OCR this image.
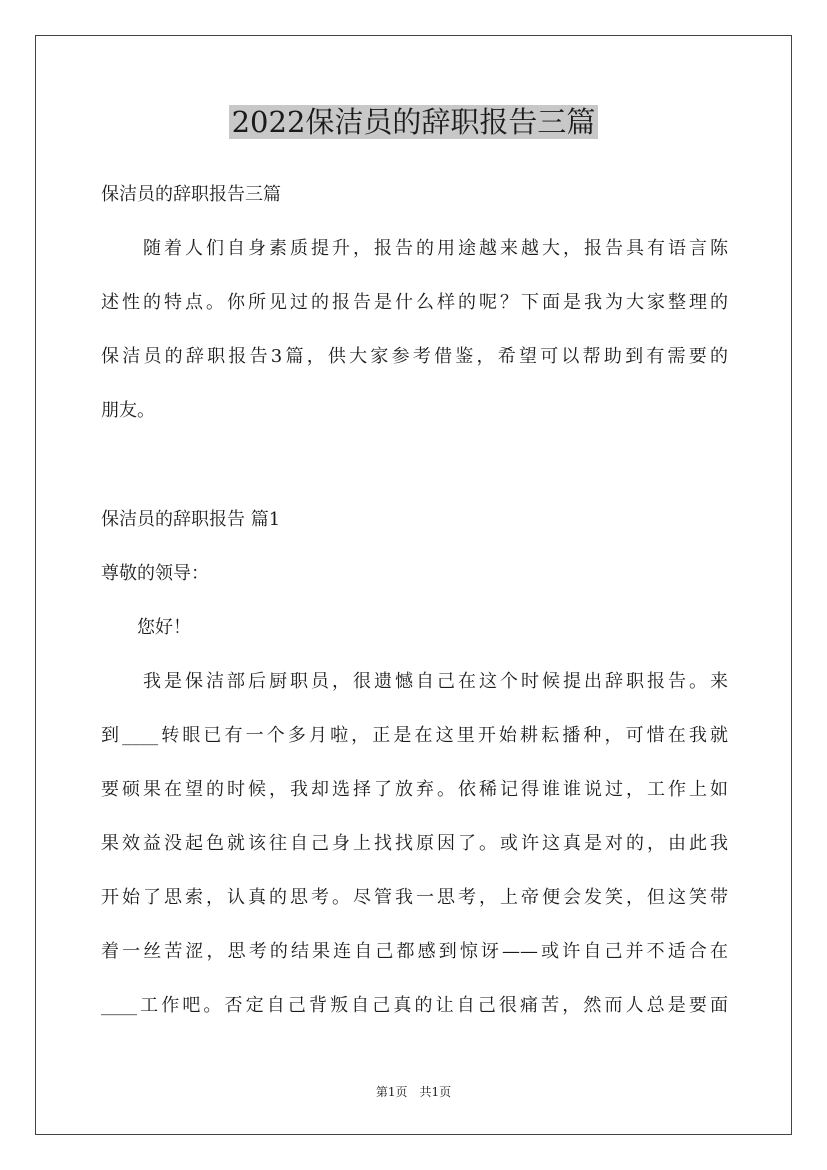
2022保洁员的辞职报告三篇
保洁员的辞职报告三篇
　　随着人们自身素质提升，报告的用途越来越大，报告具有语言陈
述性的特点。你所见过的报告是什么样的呢？下面是我为大家整理的
保洁员的辞职报告3篇，供大家参考借鉴，希望可以帮助到有需要的
朋友。
保洁员的辞职报告 篇1
尊敬的领导：
　　您好！
　　我是保洁部后厨职员，很遗憾自己在这个时候提出辞职报告。来
到____转眼已有一个多月啦，正是在这里开始耕耘播种，可惜在我就
要硕果在望的时候，我却选择了放弃。依稀记得谁谁说过，工作上如
果效益没起色就该往自己身上找找原因了。或许这真是对的，由此我
开始了思索，认真的思考。尽管我一思考，上帝便会发笑，但这笑带
着一丝苦涩，思考的结果连自己都感到惊讶——或许自己并不适合在
____工作吧。否定自己背叛自己真的让自己很痛苦，然而人总是要面
第1页　共1页
